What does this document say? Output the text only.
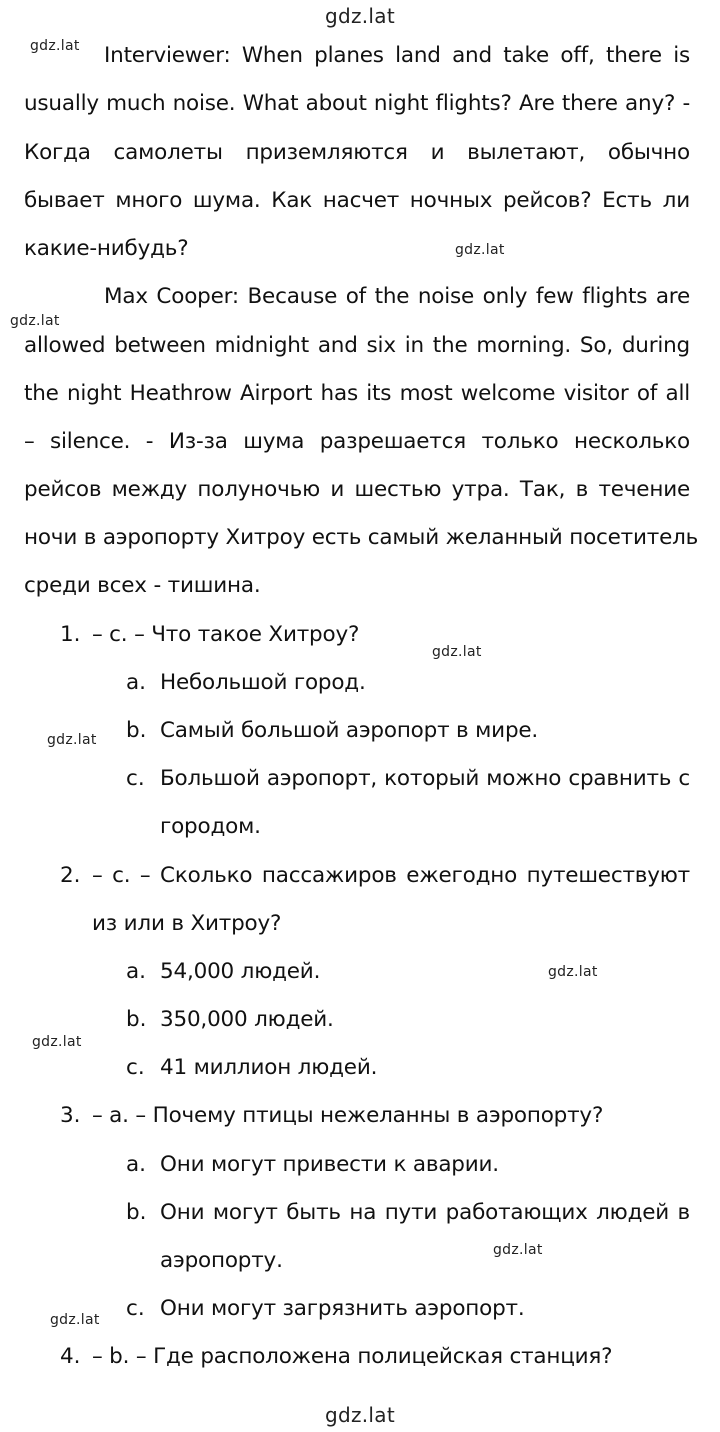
gdz.lat
gdz.lat
gdz.lat
gdz.lat
gdz.lat
gdz.lat
gdz.lat
gdz.lat
gdz.lat
gdz.lat
gdz.lat
Interviewer: When planes land and take off, there is
usually much noise. What about night flights? Are there any? -
Когда самолеты приземляются и вылетают, обычно
бывает много шума. Как насчет ночных рейсов? Есть ли
какие-нибудь?
Max Cooper: Because of the noise only few flights are
allowed between midnight and six in the morning. So, during
the night Heathrow Airport has its most welcome visitor of all
– silence. - Из-за шума разрешается только несколько
рейсов между полуночью и шестью утра. Так, в течение
ночи в аэропорту Хитроу есть самый желанный посетитель
среди всех - тишина.
1. – c. – Что такое Хитроу?
a. Небольшой город.
b. Самый большой аэропорт в мире.
c. Большой аэропорт, который можно сравнить с
городом.
2. – c. – Сколько пассажиров ежегодно путешествуют
из или в Хитроу?
a. 54,000 людей.
b. 350,000 людей.
c. 41 миллион людей.
3. – a. – Почему птицы нежеланны в аэропорту?
a. Они могут привести к аварии.
b. Они могут быть на пути работающих людей в
аэропорту.
c. Они могут загрязнить аэропорт.
4. – b. – Где расположена полицейская станция?
